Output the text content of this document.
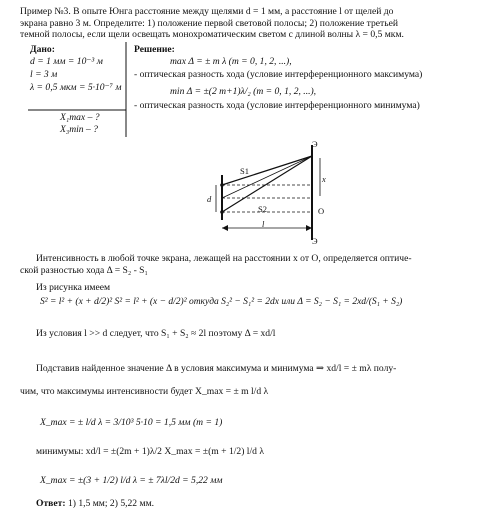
Пример №3. В опыте Юнга расстояние между щелями d = 1 мм, а расстояние l от щелей до
экрана равно 3 м. Определите: 1) положение первой световой полосы; 2) положение третьей
темной полосы, если щели освещать монохроматическим светом с длиной волны λ = 0,5 мкм.
Дано:
d = 1 мм = 10⁻³ м
l = 3 м
λ = 0,5 мкм = 5·10⁻⁷ м
X₁max – ?
X₃min – ?
Решение:
max Δ = ± m λ (m = 0, 1, 2, ...),
- оптическая разность хода (условие интерференционного максимума)
min Δ = ±(2 m+1)λ/₂ (m = 0, 1, 2, ...),
- оптическая разность хода (условие интерференционного минимума)
Э
Э
S1
S2
d
x
O
l
Интенсивность в любой точке экрана, лежащей на расстоянии x от O, определяется оптиче-
ской разностью хода Δ = S₂ - S₁
Из рисунка имеем
S² = l² + (x + d/2)² S² = l² + (x − d/2)² откуда S₂² − S₁² = 2dx или Δ = S₂ − S₁ = 2xd/(S₁ + S₂)
Из условия l >> d следует, что S₁ + S₂ ≈ 2l поэтому Δ = xd/l
Подставив найденное значение Δ в условия максимума и минимума ⇒ xd/l = ± mλ полу-
чим, что максимумы интенсивности будет X_max = ± m l/d λ
X_max = ± l/d λ = 3/10³ 5·10 = 1,5 мм (m = 1)
минимумы: xd/l = ±(2m + 1)λ/2 X_max = ±(m + 1/2) l/d λ
X_max = ±(3 + 1/2) l/d λ = ± 7λl/2d = 5,22 мм
Ответ: 1) 1,5 мм; 2) 5,22 мм.
